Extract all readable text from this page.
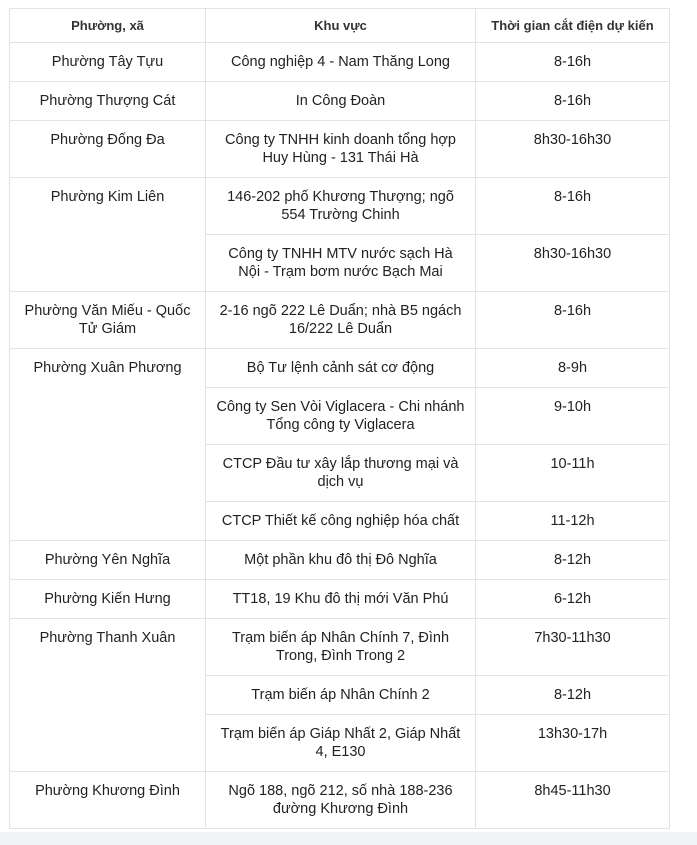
Phường, xã	Khu vực	Thời gian cắt điện dự kiến
Phường Tây Tựu	Công nghiệp 4 - Nam Thăng Long	8-16h
Phường Thượng Cát	In Công Đoàn	8-16h
Phường Đống Đa	Công ty TNHH kinh doanh tổng hợp Huy Hùng - 131 Thái Hà	8h30-16h30
Phường Kim Liên	146-202 phố Khương Thượng; ngõ 554 Trường Chinh	8-16h
	Công ty TNHH MTV nước sạch Hà Nội - Trạm bơm nước Bạch Mai	8h30-16h30
Phường Văn Miếu - Quốc Tử Giám	2-16 ngõ 222 Lê Duẩn; nhà B5 ngách 16/222 Lê Duẩn	8-16h
Phường Xuân Phương	Bộ Tư lệnh cảnh sát cơ động	8-9h
	Công ty Sen Vòi Viglacera - Chi nhánh Tổng công ty Viglacera	9-10h
	CTCP Đầu tư xây lắp thương mại và dịch vụ	10-11h
	CTCP Thiết kế công nghiệp hóa chất	11-12h
Phường Yên Nghĩa	Một phần khu đô thị Đô Nghĩa	8-12h
Phường Kiến Hưng	TT18, 19 Khu đô thị mới Văn Phú	6-12h
Phường Thanh Xuân	Trạm biến áp Nhân Chính 7, Đình Trong, Đình Trong 2	7h30-11h30
	Trạm biến áp Nhân Chính 2	8-12h
	Trạm biến áp Giáp Nhất 2, Giáp Nhất 4, E130	13h30-17h
Phường Khương Đình	Ngõ 188, ngõ 212, số nhà 188-236 đường Khương Đình	8h45-11h30
